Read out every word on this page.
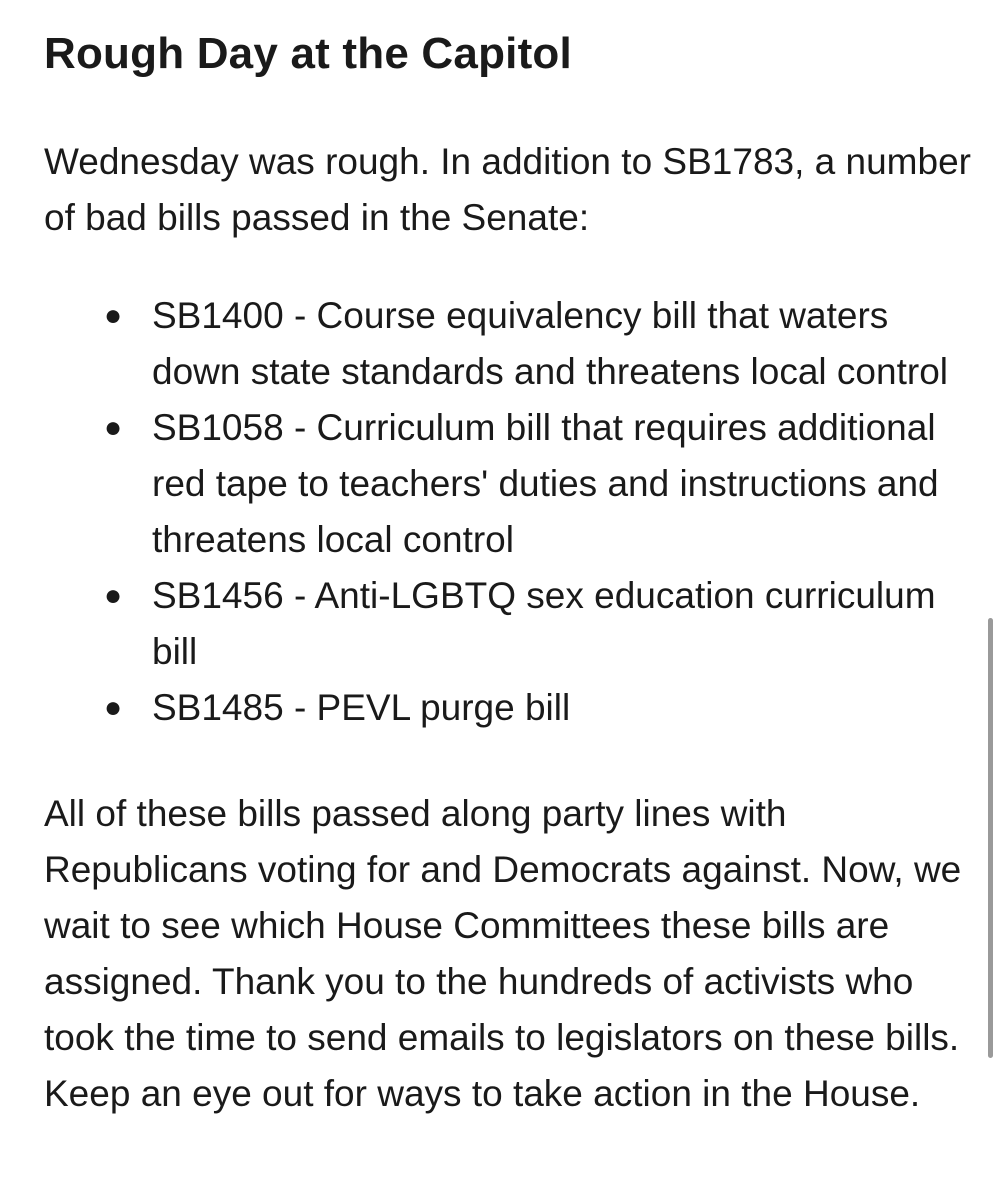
Rough Day at the Capitol

Wednesday was rough. In addition to SB1783, a number of bad bills passed in the Senate:

● SB1400 - Course equivalency bill that waters down state standards and threatens local control
● SB1058 - Curriculum bill that requires additional red tape to teachers' duties and instructions and threatens local control
● SB1456 - Anti-LGBTQ sex education curriculum bill
● SB1485 - PEVL purge bill

All of these bills passed along party lines with Republicans voting for and Democrats against. Now, we wait to see which House Committees these bills are assigned. Thank you to the hundreds of activists who took the time to send emails to legislators on these bills. Keep an eye out for ways to take action in the House.
